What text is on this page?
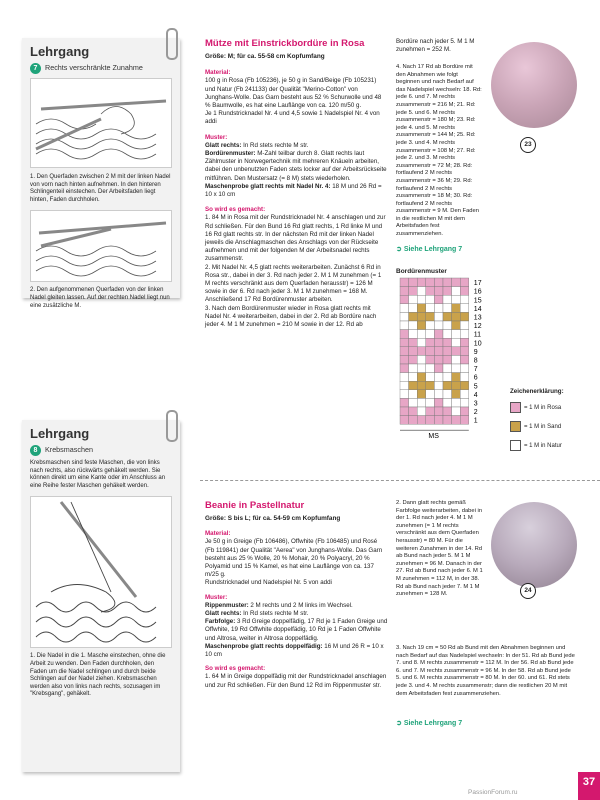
Lehrgang
7	Rechts verschränkte Zunahme
1. Den Querfaden zwischen 2 M mit der linken Nadel von vorn nach hinten aufnehmen. In den hinteren Schlingenteil einstechen. Der Arbeitsfaden liegt hinten, Faden durchholen.
2. Den aufgenommenen Querfaden von der linken Nadel gleiten lassen. Auf der rechten Nadel liegt nun eine zusätzliche M.
Lehrgang
8	Krebsmaschen
Krebsmaschen sind feste Maschen, die von links nach rechts, also rückwärts gehäkelt werden. Sie können direkt um eine Kante oder im Anschluss an eine Reihe fester Maschen gehäkelt werden.
1. Die Nadel in die 1. Masche einstechen, ohne die Arbeit zu wenden. Den Faden durchholen, den Faden um die Nadel schlingen und durch beide Schlingen auf der Nadel ziehen. Krebsmaschen werden also von links nach rechts, sozusagen im "Krebsgang", gehäkelt.
Mütze mit Einstrickbordüre in Rosa

Größe: M; für ca. 55-58 cm Kopfumfang

Material:

100 g in Rosa (Fb 105236), je 50 g in Sand/Beige (Fb 105231) und Natur (Fb 241133) der Qualität "Merino-Cotton" von Junghans-Wolle. Das Garn besteht aus 52 % Schurwolle und 48 % Baumwolle, es hat eine Lauflänge von ca. 120 m/50 g.

Je 1 Rundstricknadel Nr. 4 und 4,5 sowie 1 Nadelspiel Nr. 4 von addi

Muster:

Glatt rechts: In Rd stets rechte M str.

Bordürenmuster: M-Zahl teilbar durch 8. Glatt rechts laut Zählmuster in Norwegertechnik mit mehreren Knäueln arbeiten, dabei den unbenutzten Faden stets locker auf der Arbeitsrückseite mitführen. Den Mustersatz (= 8 M) stets wiederholen.

Maschenprobe glatt rechts mit Nadel Nr. 4: 18 M und 26 Rd = 10 x 10 cm

So wird es gemacht:

1. 84 M in Rosa mit der Rundstricknadel Nr. 4 anschlagen und zur Rd schließen. Für den Bund 16 Rd glatt rechts, 1 Rd linke M und 16 Rd glatt rechts str. In der nächsten Rd mit der linken Nadel jeweils die Anschlagmaschen des Anschlags von der Rückseite aufnehmen und mit der folgenden M der Arbeitsnadel rechts zusammenstr.

2. Mit Nadel Nr. 4,5 glatt rechts weiterarbeiten. Zunächst 6 Rd in Rosa str., dabei in der 3. Rd nach jeder 2. M 1 M zunehmen (= 1 M rechts verschränkt aus dem Querfaden herausstr) = 126 M sowie in der 6. Rd nach jeder 3. M 1 M zunehmen = 168 M. Anschließend 17 Rd Bordürenmuster arbeiten.

3. Nach dem Bordürenmuster wieder in Rosa glatt rechts mit Nadel Nr. 4 weiterarbeiten, dabei in der 2. Rd ab Bordüre nach jeder 4. M 1 M zunehmen = 210 M sowie in der 12. Rd ab

Bordüre nach jeder 5. M 1 M zunehmen = 252 M.

4. Nach 17 Rd ab Bordüre mit den Abnahmen wie folgt beginnen und nach Bedarf auf das Nadelspiel wechseln: 18. Rd: jede 6. und 7. M rechts zusammenstr = 216 M; 21. Rd: jede 5. und 6. M rechts zusammenstr = 180 M; 23. Rd: jede 4. und 5. M rechts zusammenstr = 144 M; 25. Rd: jede 3. und 4. M rechts zusammenstr = 108 M; 27. Rd: jede 2. und 3. M rechts zusammenstr = 72 M; 28. Rd: fortlaufend 2 M rechts zusammenstr = 36 M; 29. Rd: fortlaufend 2 M rechts zusammenstr = 18 M; 30. Rd: fortlaufend 2 M rechts zusammenstr = 9 M. Den Faden in die restlichen M mit dem Arbeitsfaden fest zusammenziehen.

23
➲ Siehe Lehrgang 7
Bordürenmuster
17
16
15
14
13
12
11
10
9
8
7
6
5
4
3
2
1
MS
Zeichenerklärung:
= 1 M in Rosa
= 1 M in Sand
= 1 M in Natur
Beanie in Pastellnatur

Größe: S bis L; für ca. 54-59 cm Kopfumfang

Material:

Je 50 g in Greige (Fb 106486), Offwhite (Fb 106485) und Rosé (Fb 119841) der Qualität "Aerea" von Junghans-Wolle. Das Garn besteht aus 25 % Wolle, 20 % Mohair, 20 % Polyacryl, 20 % Polyamid und 15 % Kamel, es hat eine Lauflänge von ca. 137 m/25 g.

Rundstricknadel und Nadelspiel Nr. 5 von addi

Muster:

Rippenmuster: 2 M rechts und 2 M links im Wechsel.

Glatt rechts: In Rd stets rechte M str.

Farbfolge: 3 Rd Greige doppelfädig, 17 Rd je 1 Faden Greige und Offwhite, 19 Rd Offwhite doppelfädig, 10 Rd je 1 Faden Offwhite und Altrosa, weiter in Altrosa doppelfädig.

Maschenprobe glatt rechts doppelfädig: 16 M und 26 R = 10 x 10 cm

So wird es gemacht:

1. 64 M in Greige doppelfädig mit der Rundstricknadel anschlagen und zur Rd schließen. Für den Bund 12 Rd im Rippenmuster str.

2. Dann glatt rechts gemäß Farbfolge weiterarbeiten, dabei in der 1. Rd nach jeder 4. M 1 M zunehmen (= 1 M rechts verschränkt aus dem Querfaden herausstr) = 80 M. Für die weiteren Zunahmen in der 14. Rd ab Bund nach jeder 5. M 1 M zunehmen = 96 M. Danach in der 27. Rd ab Bund nach jeder 6. M 1 M zunehmen = 112 M, in der 38. Rd ab Bund nach jeder 7. M 1 M zunehmen = 128 M.

3. Nach 19 cm = 50 Rd ab Bund mit den Abnahmen beginnen und nach Bedarf auf das Nadelspiel wechseln: In der 51. Rd ab Bund jede 7. und 8. M rechts zusammenstr = 112 M. In der 56. Rd ab Bund jede 6. und 7. M rechts zusammenstr = 96 M. In der 58. Rd ab Bund jede 5. und 6. M rechts zusammenstr = 80 M. In der 60. und 61. Rd stets jede 3. und 4. M rechts zusammenstr; dann die restlichen 20 M mit dem Arbeitsfaden fest zusammenziehen.

24
➲ Siehe Lehrgang 7
37
PassionForum.ru
